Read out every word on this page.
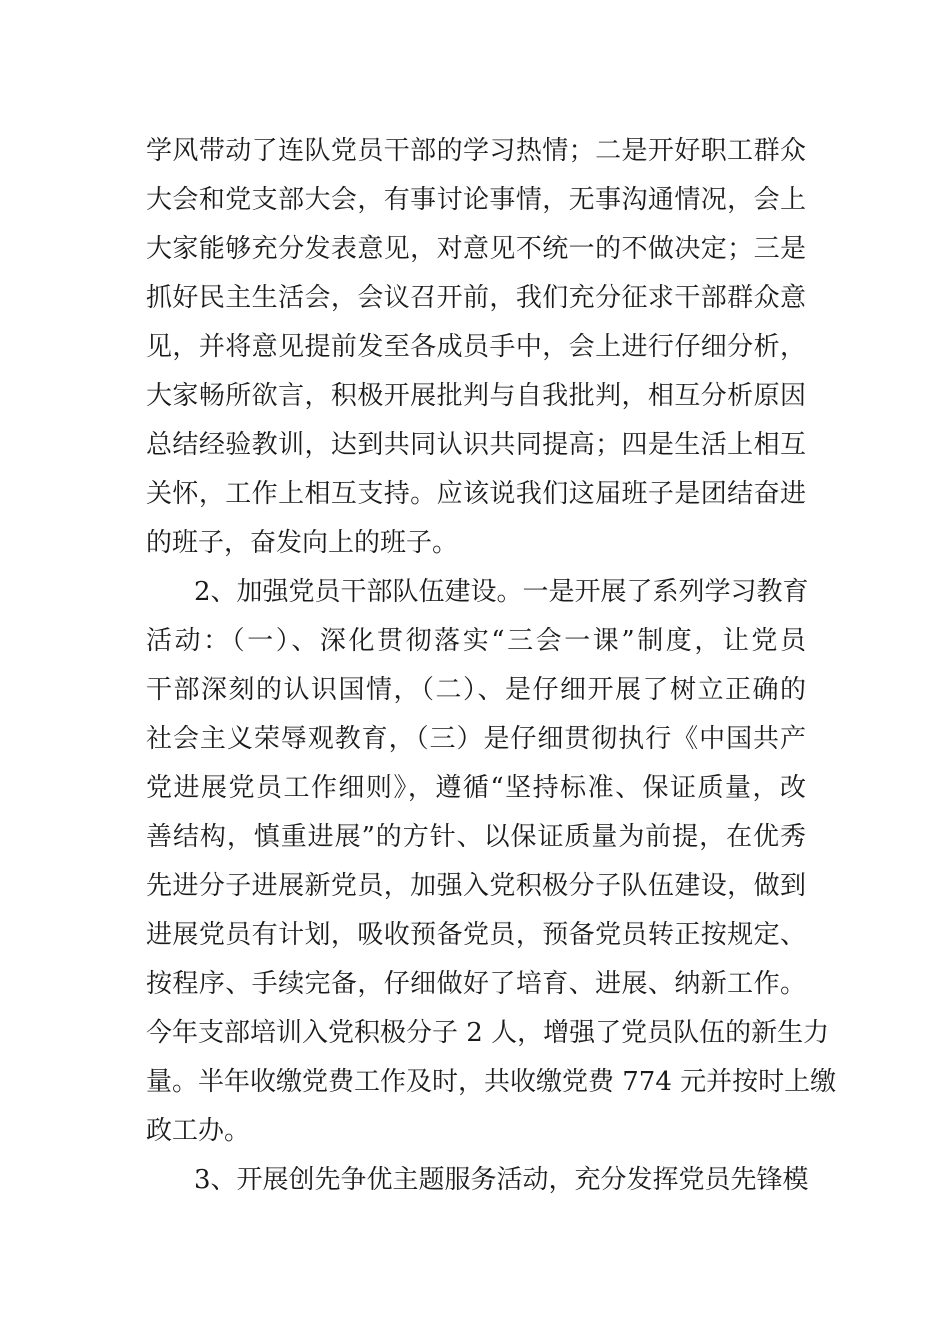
学风带动了连队党员干部的学习热情；二是开好职工群众
大会和党支部大会，有事讨论事情，无事沟通情况，会上
大家能够充分发表意见，对意见不统一的不做决定；三是
抓好民主生活会，会议召开前，我们充分征求干部群众意
见，并将意见提前发至各成员手中，会上进行仔细分析，
大家畅所欲言，积极开展批判与自我批判，相互分析原因
总结经验教训，达到共同认识共同提高；四是生活上相互
关怀，工作上相互支持。应该说我们这届班子是团结奋进
的班子，奋发向上的班子。
2、加强党员干部队伍建设。一是开展了系列学习教育
活动：（一）、深化贯彻落实“三会一课”制度，让党员
干部深刻的认识国情，（二）、是仔细开展了树立正确的
社会主义荣辱观教育，（三）是仔细贯彻执行《中国共产
党进展党员工作细则》，遵循“坚持标准、保证质量，改
善结构，慎重进展”的方针、以保证质量为前提，在优秀
先进分子进展新党员，加强入党积极分子队伍建设，做到
进展党员有计划，吸收预备党员，预备党员转正按规定、
按程序、手续完备，仔细做好了培育、进展、纳新工作。
今年支部培训入党积极分子 2 人，增强了党员队伍的新生力
量。半年收缴党费工作及时，共收缴党费 774 元并按时上缴
政工办。
3、开展创先争优主题服务活动，充分发挥党员先锋模
